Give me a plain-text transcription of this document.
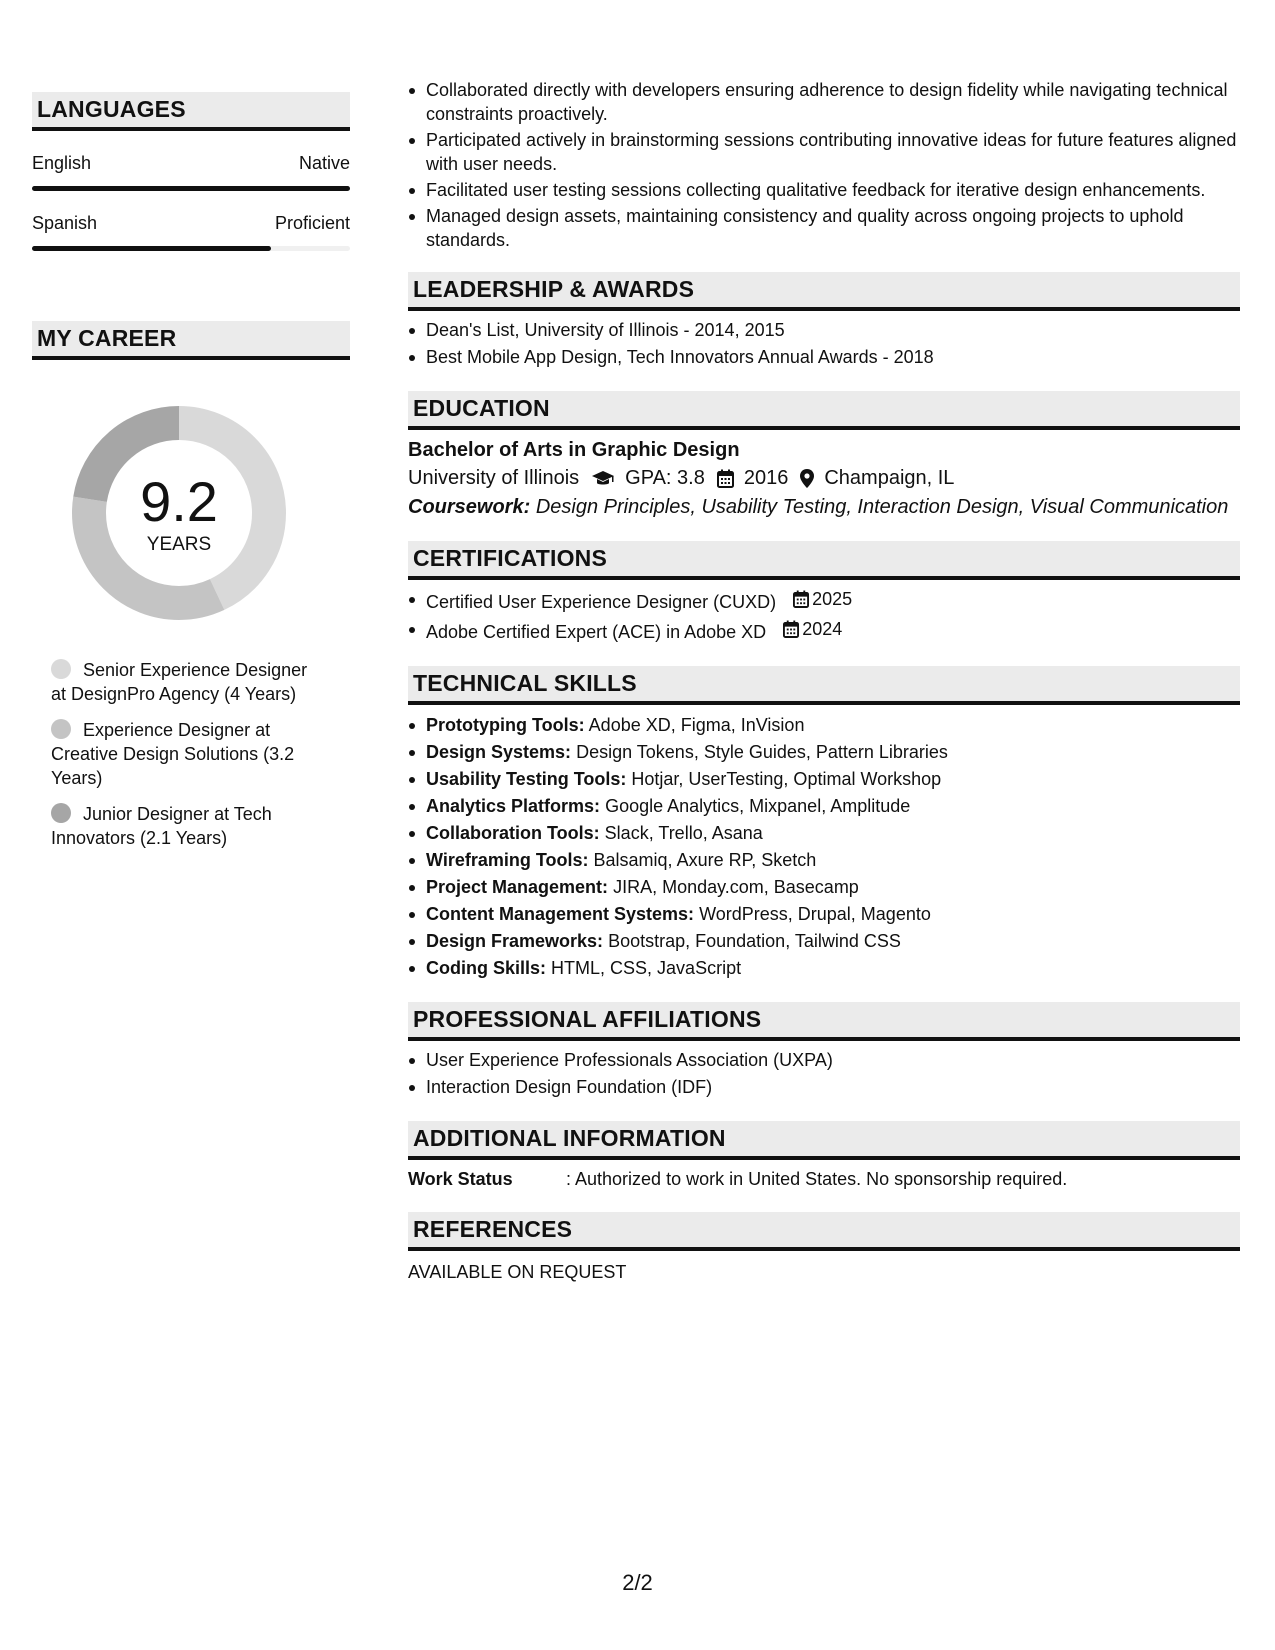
LANGUAGES
English	Native
Spanish	Proficient
MY CAREER
9.2
YEARS
Senior Experience Designer at DesignPro Agency (4 Years)
Experience Designer at Creative Design Solutions (3.2 Years)
Junior Designer at Tech Innovators (2.1 Years)
Collaborated directly with developers ensuring adherence to design fidelity while navigating technical constraints proactively.
Participated actively in brainstorming sessions contributing innovative ideas for future features aligned with user needs.
Facilitated user testing sessions collecting qualitative feedback for iterative design enhancements.
Managed design assets, maintaining consistency and quality across ongoing projects to uphold standards.
LEADERSHIP & AWARDS
Dean's List, University of Illinois - 2014, 2015
Best Mobile App Design, Tech Innovators Annual Awards - 2018
EDUCATION
Bachelor of Arts in Graphic Design
University of Illinois GPA: 3.8 2016 Champaign, IL
Coursework: Design Principles, Usability Testing, Interaction Design, Visual Communication
CERTIFICATIONS
Certified User Experience Designer (CUXD) 2025
Adobe Certified Expert (ACE) in Adobe XD 2024
TECHNICAL SKILLS
Prototyping Tools: Adobe XD, Figma, InVision
Design Systems: Design Tokens, Style Guides, Pattern Libraries
Usability Testing Tools: Hotjar, UserTesting, Optimal Workshop
Analytics Platforms: Google Analytics, Mixpanel, Amplitude
Collaboration Tools: Slack, Trello, Asana
Wireframing Tools: Balsamiq, Axure RP, Sketch
Project Management: JIRA, Monday.com, Basecamp
Content Management Systems: WordPress, Drupal, Magento
Design Frameworks: Bootstrap, Foundation, Tailwind CSS
Coding Skills: HTML, CSS, JavaScript
PROFESSIONAL AFFILIATIONS
User Experience Professionals Association (UXPA)
Interaction Design Foundation (IDF)
ADDITIONAL INFORMATION
Work Status	: Authorized to work in United States. No sponsorship required.
REFERENCES
AVAILABLE ON REQUEST
2/2
